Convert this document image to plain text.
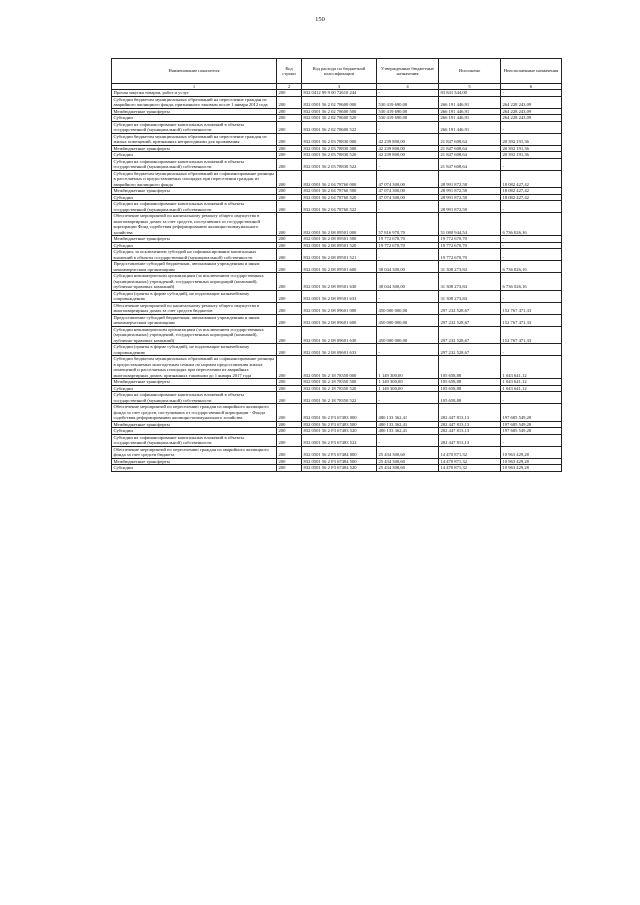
150
Наименование показателя	Код строки	Код расхода по бюджетной классификации	Утвержденные бюджетные назначения	Исполнено	Неисполненные назначения
1	2	3	4	5	6
Прочая закупка товаров, работ и услуг	200	832 0412 99 9 00 72610 244	-	83 841 344,00	-
Субсидии бюджетам муниципальных образований на переселение граждан из аварийного жилищного фонда, признанного таковым после 1 января 2012 года	200	832 0501 56 2 02 78600 000	530 419 690,00	266 191 446,91	264 228 243,09
Межбюджетные трансферты	200	832 0501 56 2 02 78600 500	530 419 690,00	266 191 446,91	264 228 243,09
Субсидии	200	832 0501 56 2 02 78600 520	530 419 690,00	266 191 446,91	264 228 243,09
Субсидии на софинансирование капитальных вложений в объекты государственной (муниципальной) собственности	200	832 0501 56 2 02 78600 522	-	266 191 446,91	-
Субсидии бюджетам муниципальных образований на переселение граждан из жилых помещений, признанных непригодными для проживания	200	832 0501 56 2 03 78830 000	42 239 800,00	21 847 608,64	20 392 191,36
Межбюджетные трансферты	200	832 0501 56 2 03 78830 500	42 239 800,00	21 847 608,64	20 392 191,36
Субсидии	200	832 0501 56 2 03 78830 520	42 239 800,00	21 847 608,64	20 392 191,36
Субсидии на софинансирование капитальных вложений в объекты государственной (муниципальной) собственности	200	832 0501 56 2 03 78830 522	-	21 847 608,64	-
Субсидии бюджетам муниципальных образований на софинансирование разницы в расселяемых и предоставляемых площадях при переселении граждан из аварийного жилищного фонда	200	832 0501 56 2 04 78760 000	47 074 300,00	28 991 872,58	18 082 427,42
Межбюджетные трансферты	200	832 0501 56 2 04 78760 500	47 074 300,00	28 991 872,58	18 082 427,42
Субсидии	200	832 0501 56 2 04 78760 520	47 074 300,00	28 991 872,58	18 082 427,42
Субсидии на софинансирование капитальных вложений в объекты государственной (муниципальной) собственности	200	832 0501 56 2 04 78760 522	-	28 991 872,58	-
Обеспечение мероприятий по капитальному ремонту общего имущества в многоквартирных домах за счет средств, поступивших от государственной корпорации Фонд содействия реформированию жилищно-коммунального хозяйства	200	832 0501 56 2 08 09501 000	57 816 970,70	51 080 944,54	6 736 026,16
Межбюджетные трансферты	200	832 0501 56 2 08 09501 500	19 772 670,70	19 772 670,70	-
Субсидии	200	832 0501 56 2 08 09501 520	19 772 670,70	19 772 670,70	-
Субсидии, за исключением субсидий на софинансирование капитальных вложений в объекты государственной (муниципальной) собственности	200	832 0501 56 2 08 09501 521	-	19 772 670,70	-
Предоставление субсидий бюджетным, автономным учреждениям и иным некоммерческим организациям	200	832 0501 56 2 08 09501 600	38 044 300,00	31 308 273,84	6 736 026,16
Субсидии некоммерческим организациям (за исключением государственных (муниципальных) учреждений, государственных корпораций (компаний), публично-правовых компаний)	200	832 0501 56 2 08 09501 630	38 044 300,00	31 308 273,84	6 736 026,16
Субсидии (гранты в форме субсидий), не подлежащие казначейскому сопровождению	200	832 0501 56 2 08 09501 633	-	31 308 273,84	-
Обеспечение мероприятий по капитальному ремонту общего имущества в многоквартирных домах за счет средств бюджетов	200	832 0501 56 2 08 09601 000	450 000 000,00	297 232 528,67	152 767 471,33
Предоставление субсидий бюджетным, автономным учреждениям и иным некоммерческим организациям	200	832 0501 56 2 08 09601 600	450 000 000,00	297 232 528,67	152 767 471,33
Субсидии некоммерческим организациям (за исключением государственных (муниципальных) учреждений, государственных корпораций (компаний), публично-правовых компаний)	200	832 0501 56 2 08 09601 630	450 000 000,00	297 232 528,67	152 767 471,33
Субсидии (гранты в форме субсидий), не подлежащие казначейскому сопровождению	200	832 0501 56 2 08 09601 633	-	297 232 528,67	-
Субсидии бюджетам муниципальных образований на софинансирование разницы в предоставляемых многодетным семьям по нормам предоставления жилых помещений и расселяемых площадях при переселении из аварийных многоквартирных домов, признанных таковыми до 1 января 2017 года	200	832 0501 56 2 18 78350 000	1 149 300,00	105 658,88	1 043 641,12
Межбюджетные трансферты	200	832 0501 56 2 18 78350 500	1 149 300,00	105 658,88	1 043 641,12
Субсидии	200	832 0501 56 2 18 78350 520	1 149 300,00	105 658,88	1 043 641,12
Субсидии на софинансирование капитальных вложений в объекты государственной (муниципальной) собственности	200	832 0501 56 2 18 78350 522	-	105 658,88	-
Обеспечение мероприятий по переселению граждан из аварийного жилищного фонда за счет средств, поступивших от государственной корпорации - Фонда содействия реформированию жилищно-коммунального хозяйства	200	832 0501 56 2 F3 67483 000	480 133 362,41	282 447 813,13	197 685 549,28
Межбюджетные трансферты	200	832 0501 56 2 F3 67483 500	480 133 362,41	282 447 813,13	197 685 549,28
Субсидии	200	832 0501 56 2 F3 67483 520	480 133 362,41	282 447 813,13	197 685 549,28
Субсидии на софинансирование капитальных вложений в объекты государственной (муниципальной) собственности	200	832 0501 56 2 F3 67483 522	-	282 447 813,13	-
Обеспечение мероприятий по переселению граждан из аварийного жилищного фонда за счет средств бюджета	200	832 0501 56 2 F3 67484 000	25 434 300,60	14 470 871,32	10 963 429,28
Межбюджетные трансферты	200	832 0501 56 2 F3 67484 500	25 434 300,60	14 470 871,32	10 963 429,28
Субсидии	200	832 0501 56 2 F3 67484 520	25 434 300,60	14 470 871,32	10 963 429,28
